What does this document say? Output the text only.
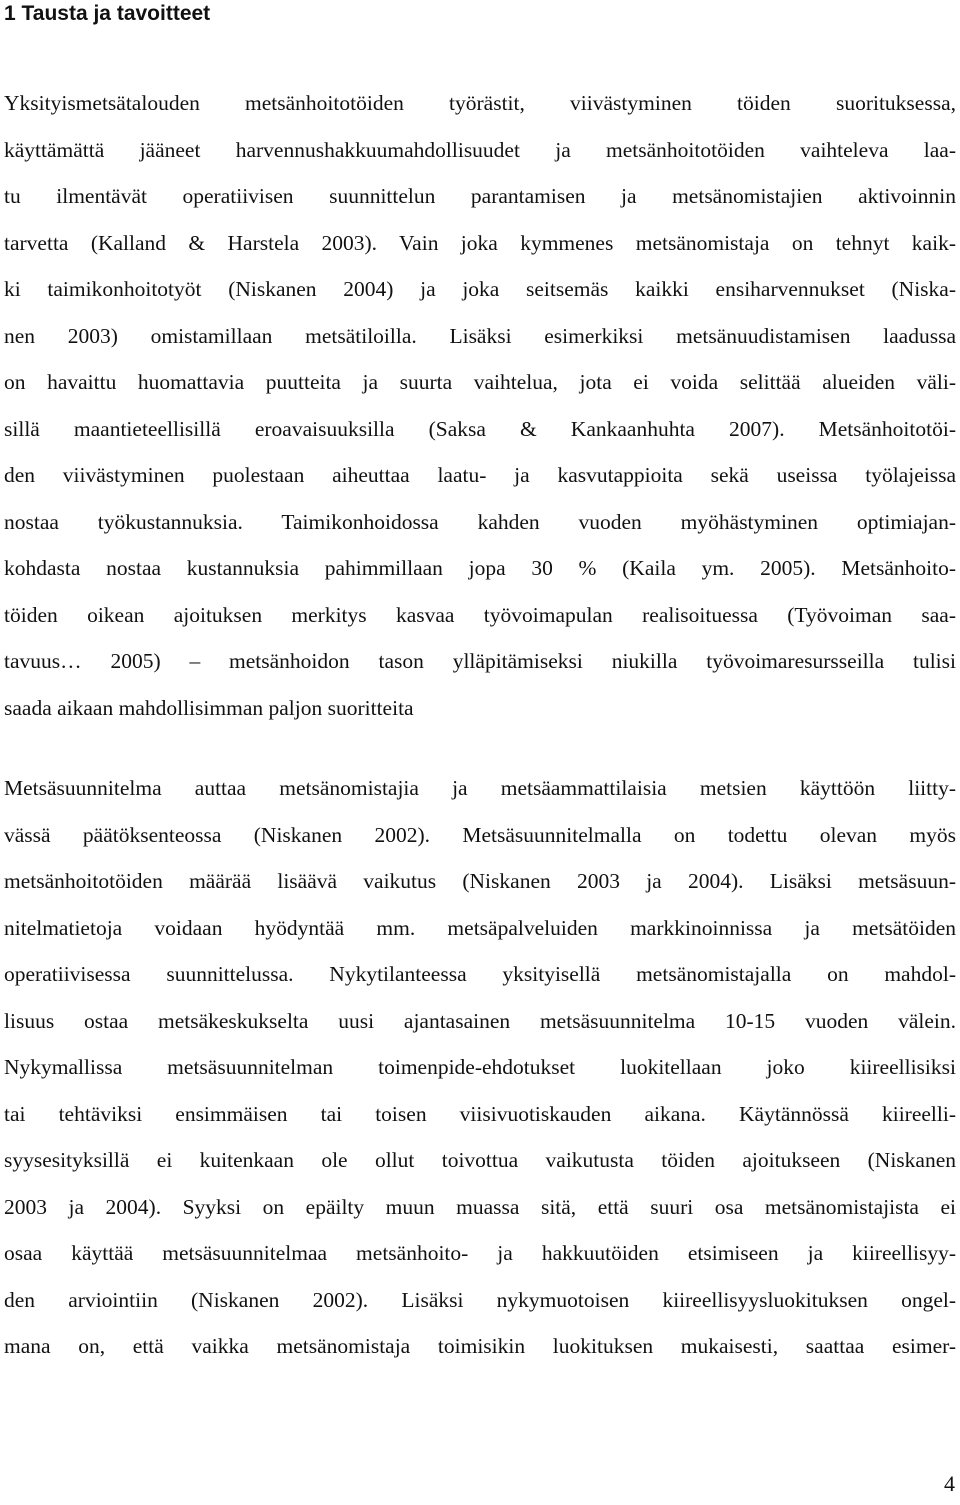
1 Tausta ja tavoitteet
Yksityismetsätalouden metsänhoitotöiden työrästit, viivästyminen töiden suorituksessa,
käyttämättä jääneet harvennushakkuumahdollisuudet ja metsänhoitotöiden vaihteleva laa-
tu ilmentävät operatiivisen suunnittelun parantamisen ja metsänomistajien aktivoinnin
tarvetta (Kalland & Harstela 2003). Vain joka kymmenes metsänomistaja on tehnyt kaik-
ki taimikonhoitotyöt (Niskanen 2004) ja joka seitsemäs kaikki ensiharvennukset (Niska-
nen 2003) omistamillaan metsätiloilla. Lisäksi esimerkiksi metsänuudistamisen laadussa
on havaittu huomattavia puutteita ja suurta vaihtelua, jota ei voida selittää alueiden väli-
sillä maantieteellisillä eroavaisuuksilla (Saksa & Kankaanhuhta 2007). Metsänhoitotöi-
den viivästyminen puolestaan aiheuttaa laatu- ja kasvutappioita sekä useissa työlajeissa
nostaa työkustannuksia. Taimikonhoidossa kahden vuoden myöhästyminen optimiajan-
kohdasta nostaa kustannuksia pahimmillaan jopa 30 % (Kaila ym. 2005). Metsänhoito-
töiden oikean ajoituksen merkitys kasvaa työvoimapulan realisoituessa (Työvoiman saa-
tavuus… 2005) – metsänhoidon tason ylläpitämiseksi niukilla työvoimaresursseilla tulisi
saada aikaan mahdollisimman paljon suoritteita
Metsäsuunnitelma auttaa metsänomistajia ja metsäammattilaisia metsien käyttöön liitty-
vässä päätöksenteossa (Niskanen 2002). Metsäsuunnitelmalla on todettu olevan myös
metsänhoitotöiden määrää lisäävä vaikutus (Niskanen 2003 ja 2004). Lisäksi metsäsuun-
nitelmatietoja voidaan hyödyntää mm. metsäpalveluiden markkinoinnissa ja metsätöiden
operatiivisessa suunnittelussa. Nykytilanteessa yksityisellä metsänomistajalla on mahdol-
lisuus ostaa metsäkeskukselta uusi ajantasainen metsäsuunnitelma 10-15 vuoden välein.
Nykymallissa metsäsuunnitelman toimenpide-ehdotukset luokitellaan joko kiireellisiksi
tai tehtäviksi ensimmäisen tai toisen viisivuotiskauden aikana. Käytännössä kiireelli-
syysesityksillä ei kuitenkaan ole ollut toivottua vaikutusta töiden ajoitukseen (Niskanen
2003 ja 2004). Syyksi on epäilty muun muassa sitä, että suuri osa metsänomistajista ei
osaa käyttää metsäsuunnitelmaa metsänhoito- ja hakkuutöiden etsimiseen ja kiireellisyy-
den arviointiin (Niskanen 2002). Lisäksi nykymuotoisen kiireellisyysluokituksen ongel-
mana on, että vaikka metsänomistaja toimisikin luokituksen mukaisesti, saattaa esimer-
4
